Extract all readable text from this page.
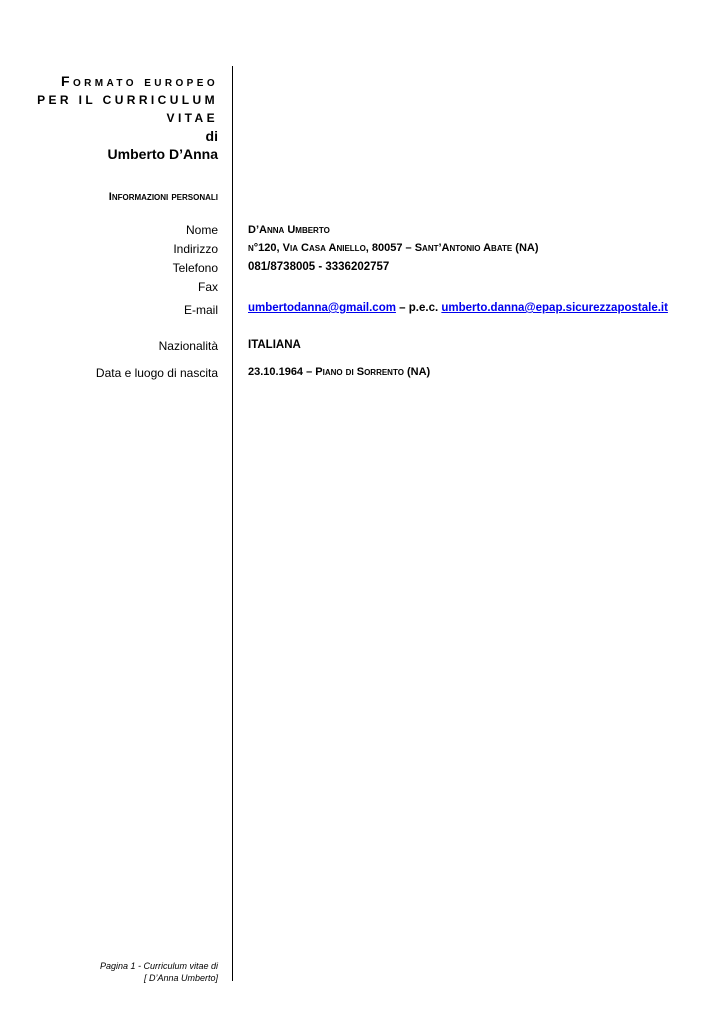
Formato europeo
PER IL CURRICULUM
VITAE
di
Umberto D’Anna
Informazioni personali
Nome	D’Anna Umberto
Indirizzo	n°120, Via Casa Aniello, 80057 – Sant’Antonio Abate (NA)
Telefono	081/8738005 - 3336202757
Fax
E-mail	umbertodanna@gmail.com – p.e.c. umberto.danna@epap.sicurezzapostale.it
Nazionalità	ITALIANA
Data e luogo di nascita	23.10.1964 – Piano di Sorrento (NA)
Pagina 1 - Curriculum vitae di
[ D’Anna Umberto]
